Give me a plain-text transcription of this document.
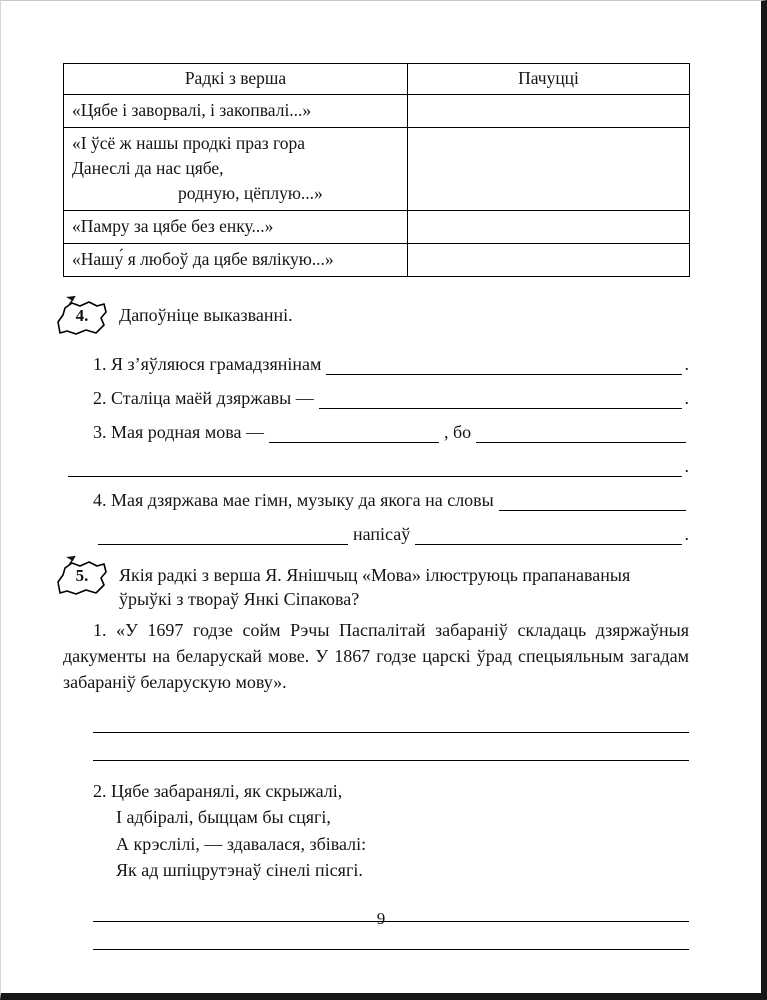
Радкі з верша	Пачуцці

«Цябе і заворвалі, і закопвалі...»	

«І ўсё ж нашы продкі праз гора
Данеслі да нас цябе,
родную, цёплую...»	

«Памру за цябе без енку...»	

«Нашу́ я любоў да цябе вялікую...»	

4.	Дапоўніце выказванні.
1. Я з’яўляюся грамадзянінам	.
2. Сталіца маёй дзяржавы —	.
3. Мая родная мова —	, бо
.
4. Мая дзяржава мае гімн, музыку да якога на словы
напісаў	.
5.	Якія радкі з верша Я. Янішчыц «Мова» ілюструюць прапанаваныя ўрыўкі з твораў Янкі Сіпакова?
1. «У 1697 годзе сойм Рэчы Паспалітай забараніў складаць дзяржаўныя дакументы на беларускай мове. У 1867 годзе царскі ўрад спецыяльным загадам забараніў беларускую мову».
2. Цябе забаранялі, як скрыжалі,
І адбіралі, быццам бы сцягі,
А крэслілі, — здавалася, збівалі:
Як ад шпіцрутэнаў сінелі пісягі.
9
